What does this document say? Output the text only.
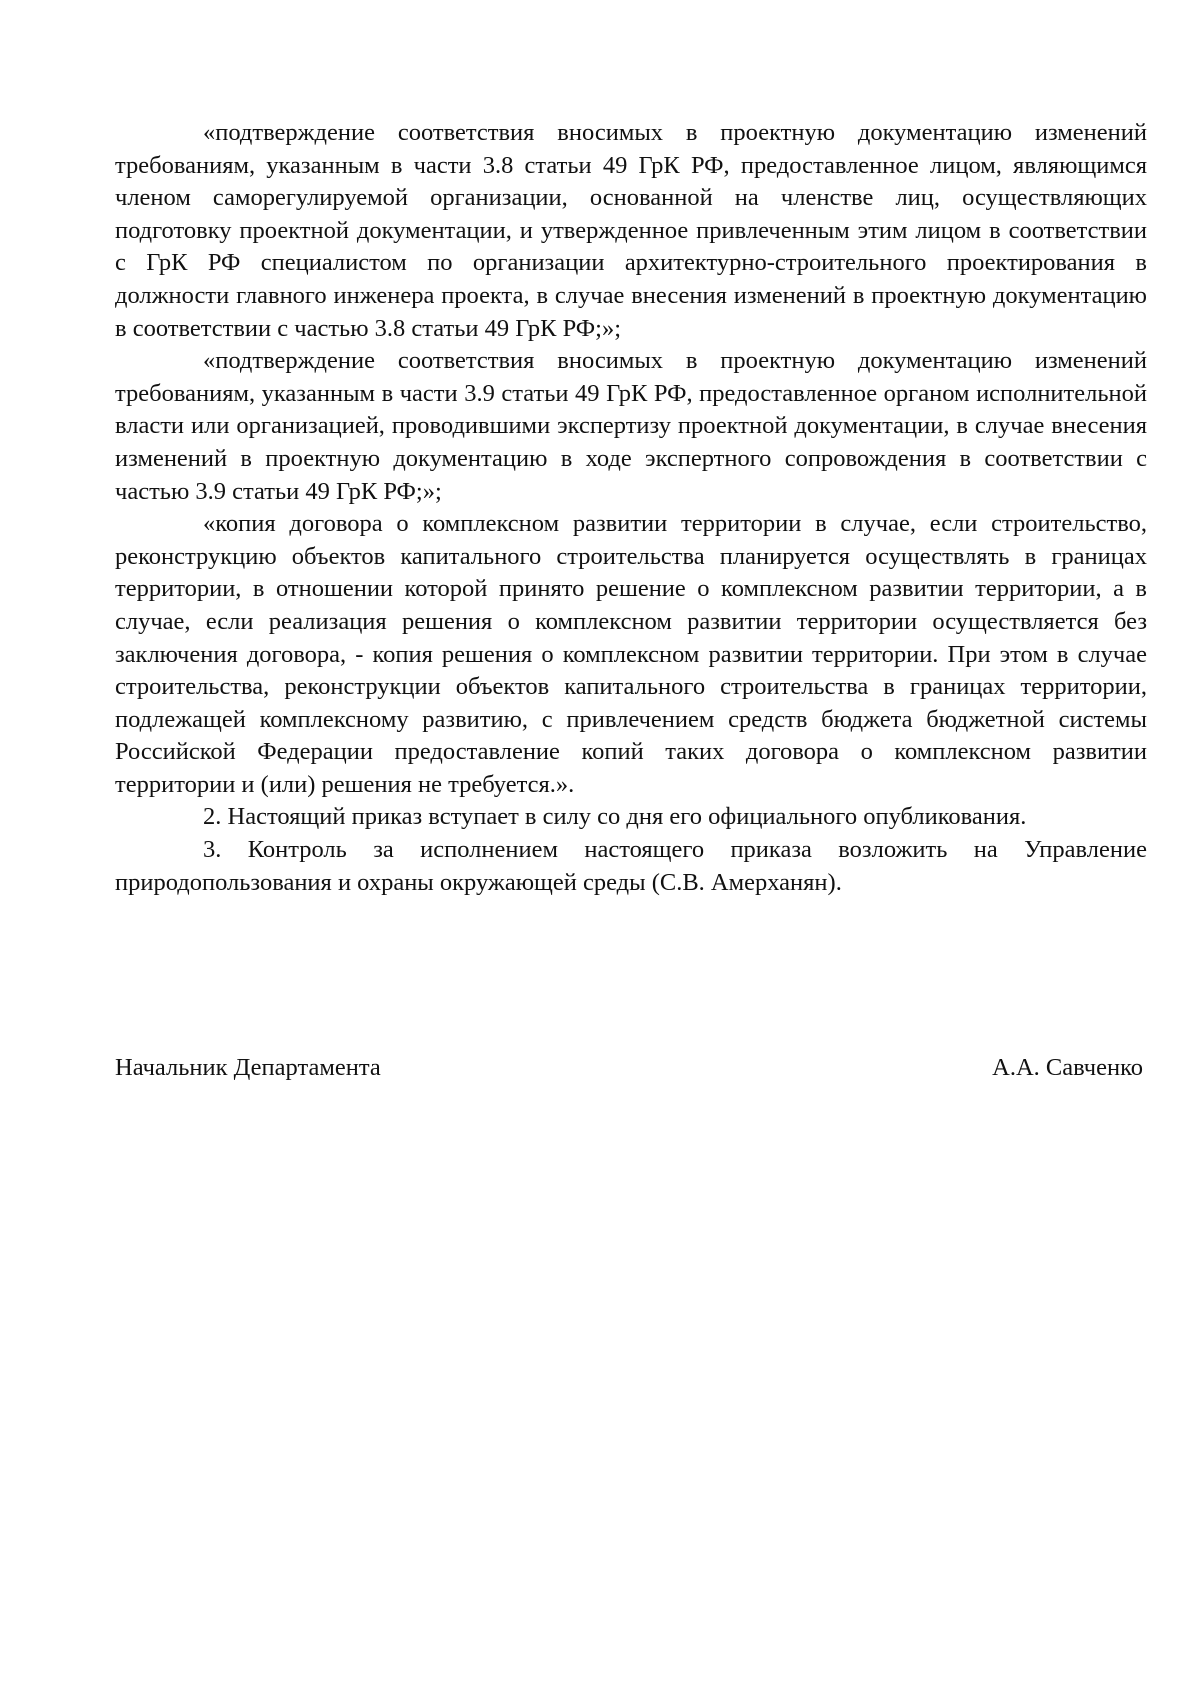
«подтверждение соответствия вносимых в проектную документацию изменений требованиям, указанным в части 3.8 статьи 49 ГрК РФ, предоставленное лицом, являющимся членом саморегулируемой организации, основанной на членстве лиц, осуществляющих подготовку проектной документации, и утвержденное привлеченным этим лицом в соответствии с ГрК РФ специалистом по организации архитектурно-строительного проектирования в должности главного инженера проекта, в случае внесения изменений в проектную документацию в соответствии с частью 3.8 статьи 49 ГрК РФ;»;

«подтверждение соответствия вносимых в проектную документацию изменений требованиям, указанным в части 3.9 статьи 49 ГрК РФ, предоставленное органом исполнительной власти или организацией, проводившими экспертизу проектной документации, в случае внесения изменений в проектную документацию в ходе экспертного сопровождения в соответствии с частью 3.9 статьи 49 ГрК РФ;»;

«копия договора о комплексном развитии территории в случае, если строительство, реконструкцию объектов капитального строительства планируется осуществлять в границах территории, в отношении которой принято решение о комплексном развитии территории, а в случае, если реализация решения о комплексном развитии территории осуществляется без заключения договора, - копия решения о комплексном развитии территории. При этом в случае строительства, реконструкции объектов капитального строительства в границах территории, подлежащей комплексному развитию, с привлечением средств бюджета бюджетной системы Российской Федерации предоставление копий таких договора о комплексном развитии территории и (или) решения не требуется.».

2. Настоящий приказ вступает в силу со дня его официального опубликования.

3. Контроль за исполнением настоящего приказа возложить на Управление природопользования и охраны окружающей среды (С.В. Амерханян).

Начальник Департамента	А.А. Савченко
